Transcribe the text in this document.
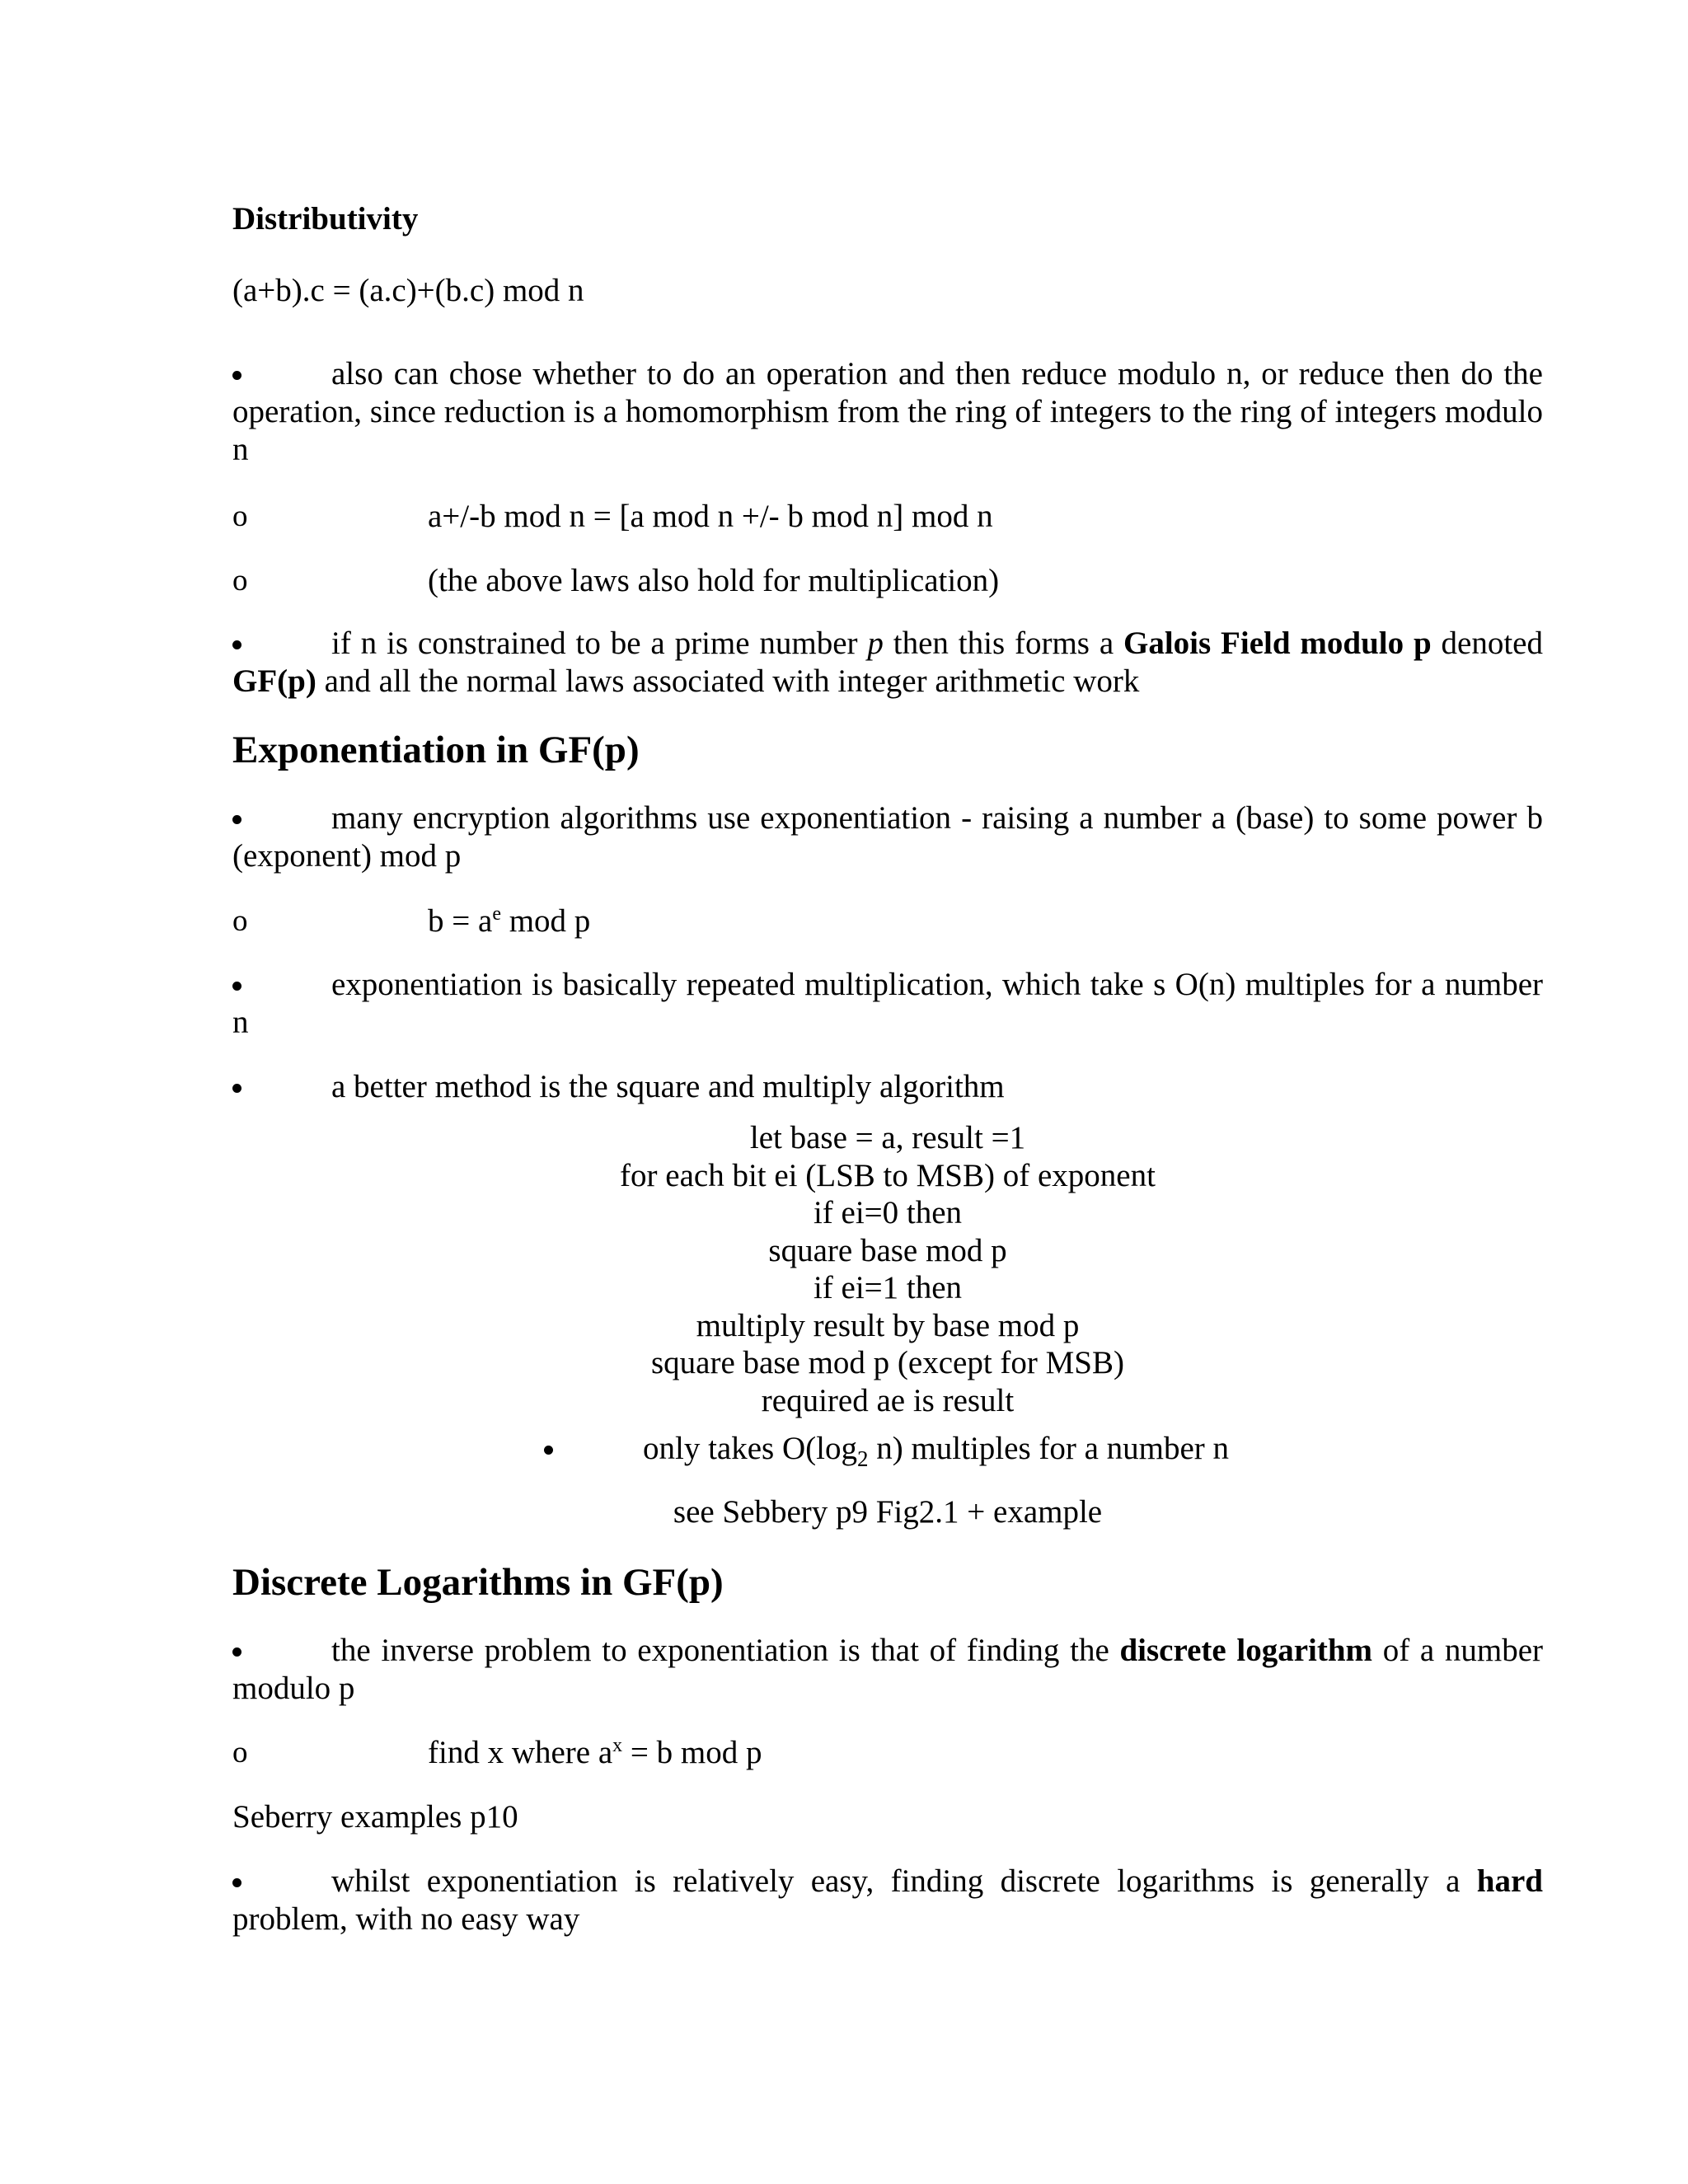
Distributivity
(a+b).c = (a.c)+(b.c) mod n
also can chose whether to do an operation and then reduce modulo n, or reduce then do the operation, since reduction is a homomorphism from the ring of integers to the ring of integers modulo n
o	a+/-b mod n = [a mod n +/- b mod n] mod n
o	(the above laws also hold for multiplication)
if n is constrained to be a prime number p then this forms a Galois Field modulo p denoted GF(p) and all the normal laws associated with integer arithmetic work
Exponentiation in GF(p)
many encryption algorithms use exponentiation - raising a number a (base) to some power b (exponent) mod p
o	$b = a^e$ mod p
exponentiation is basically repeated multiplication, which take s O(n) multiples for a number n
a better method is the square and multiply algorithm
let base = a, result =1
for each bit ei (LSB to MSB) of exponent
if ei=0 then
square base mod p
if ei=1 then
multiply result by base mod p
square base mod p (except for MSB)
required ae is result
only takes $O(\log_2$ n) multiples for a number n
see Sebbery p9 Fig2.1 + example
Discrete Logarithms in GF(p)
the inverse problem to exponentiation is that of finding the discrete logarithm of a number modulo p
o	find x where $a^x = b$ mod p
Seberry examples p10
whilst exponentiation is relatively easy, finding discrete logarithms is generally a hard problem, with no easy way
